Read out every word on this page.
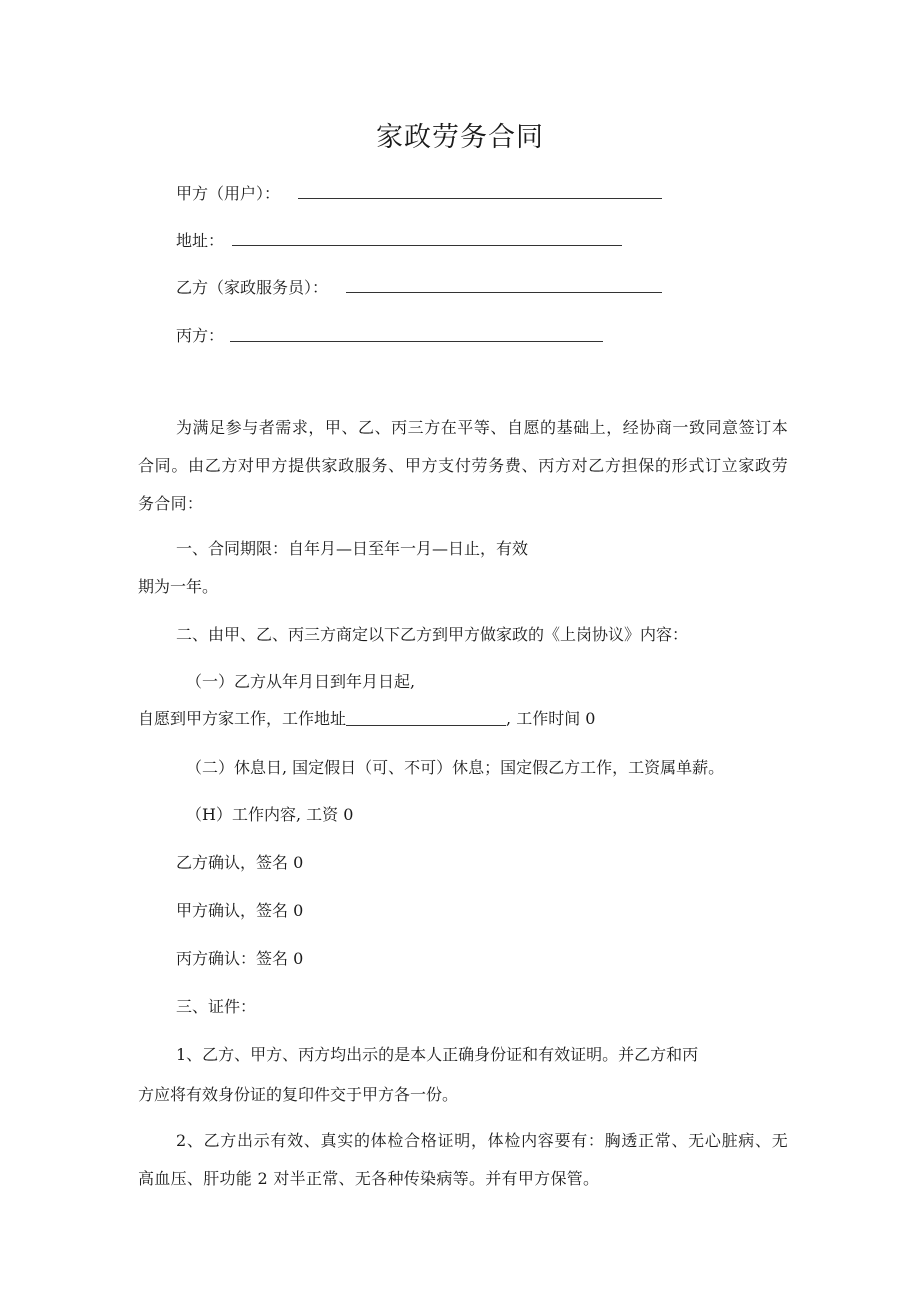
家政劳务合同
甲方（用户）：
地址：
乙方（家政服务员）：
丙方：
为满足参与者需求，甲、乙、丙三方在平等、自愿的基础上，经协商一致同意签订本合同。由乙方对甲方提供家政服务、甲方支付劳务费、丙方对乙方担保的形式订立家政劳务合同：
一、合同期限：自年月—日至年一月—日止，有效
期为一年。
二、由甲、乙、丙三方商定以下乙方到甲方做家政的《上岗协议》内容：
（一）乙方从年月日到年月日起,
自愿到甲方家工作，工作地址	, 工作时间 0
（二）休息日, 国定假日（可、不可）休息；国定假乙方工作，工资属单薪。
（H）工作内容, 工资 0
乙方确认，签名 0
甲方确认，签名 0
丙方确认：签名 0
三、证件：
1、乙方、甲方、丙方均出示的是本人正确身份证和有效证明。并乙方和丙
方应将有效身份证的复印件交于甲方各一份。
2、乙方出示有效、真实的体检合格证明，体检内容要有：胸透正常、无心脏病、无高血压、肝功能 2 对半正常、无各种传染病等。并有甲方保管。
